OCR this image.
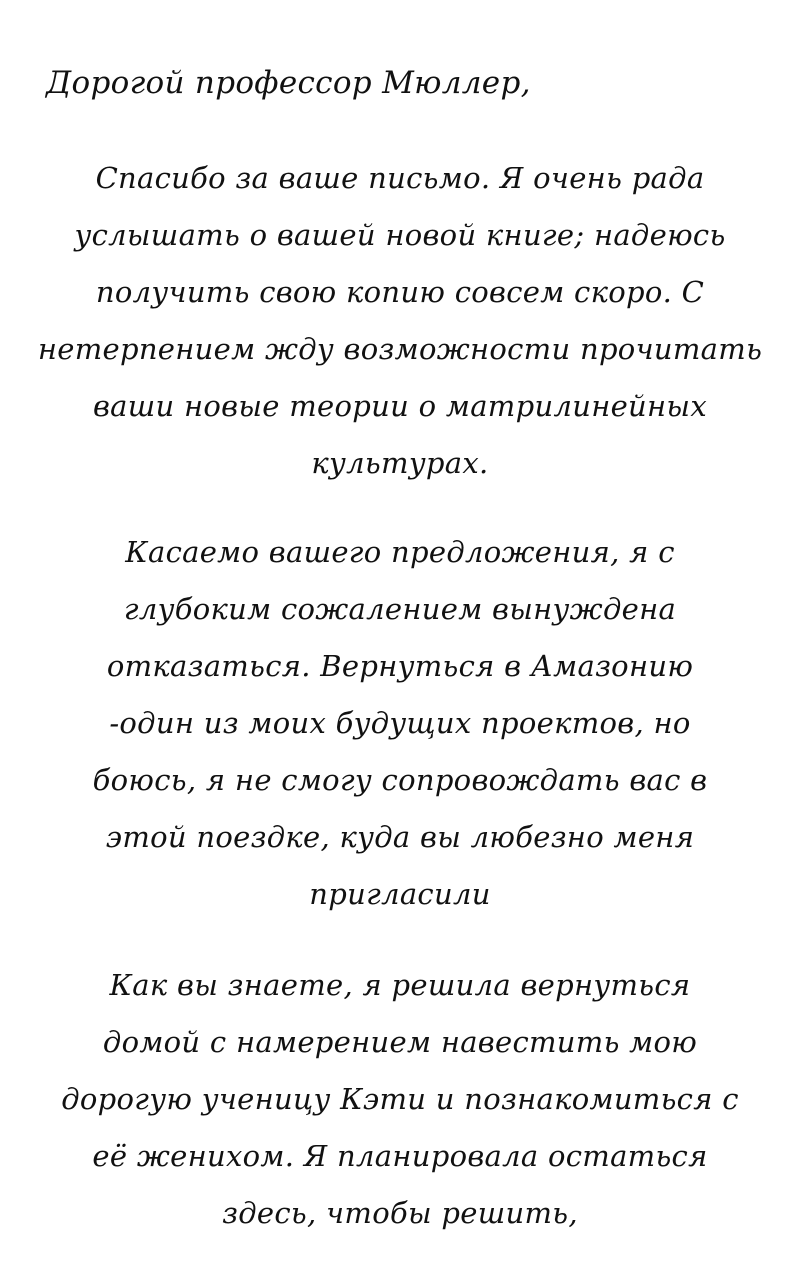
Дорогой профессор Мюллер,
Спасибо за ваше письмо. Я очень рада
услышать о вашей новой книге; надеюсь
получить свою копию совсем скоро. С
нетерпением жду возможности прочитать
ваши новые теории о матрилинейных
культурах.
Касаемо вашего предложения, я с
глубоким сожалением вынуждена
отказаться. Вернуться в Амазонию
-один из моих будущих проектов, но
боюсь, я не смогу сопровождать вас в
этой поездке, куда вы любезно меня
пригласили
Как вы знаете, я решила вернуться
домой с намерением навестить мою
дорогую ученицу Кэти и познакомиться с
её женихом. Я планировала остаться
здесь, чтобы решить,
